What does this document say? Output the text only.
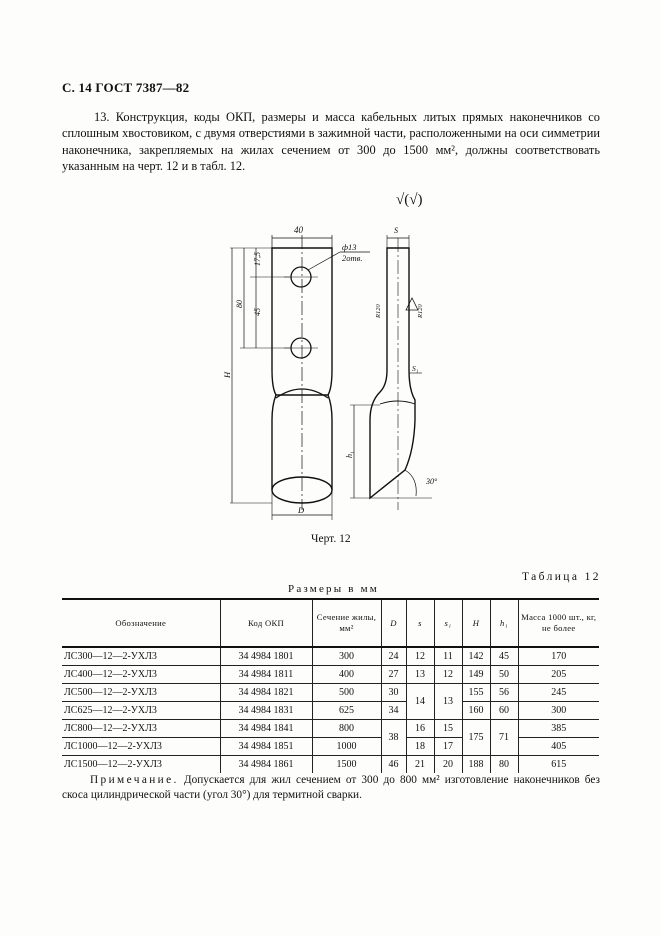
С. 14 ГОСТ 7387—82

13. Конструкция, коды ОКП, размеры и масса кабельных литых прямых наконечников со сплошным хвостовиком, с двумя отверстиями в зажимной части, расположенными на оси симметрии наконечника, закрепляемых на жилах сечением от 300 до 1500 мм², должны соответствовать указанным на черт. 12 и в табл. 12.

√(√)
40
ф13
2отв.
17,5
45
80
H
D
S
R120	R120
S₁
h₁
30°
Черт. 12
Таблица 12
Размеры в мм
Обозначение	Код ОКП	Сечение жилы, мм²	D	s	s₁	H	h₁	Масса 1000 шт., кг, не более
ЛС300—12—2-УХЛ3	34 4984 1801	300	24	12	11	142	45	170
ЛС400—12—2-УХЛ3	34 4984 1811	400	27	13	12	149	50	205
ЛС500—12—2-УХЛ3	34 4984 1821	500	30	14	13	155	56	245
ЛС625—12—2-УХЛ3	34 4984 1831	625	34			160	60	300
ЛС800—12—2-УХЛ3	34 4984 1841	800	38	16	15	175	71	385
ЛС1000—12—2-УХЛ3	34 4984 1851	1000		18	17			405
ЛС1500—12—2-УХЛ3	34 4984 1861	1500	46	21	20	188	80	615

Примечание. Допускается для жил сечением от 300 до 800 мм² изготовление наконечников без скоса цилиндрической части (угол 30°) для термитной сварки.
